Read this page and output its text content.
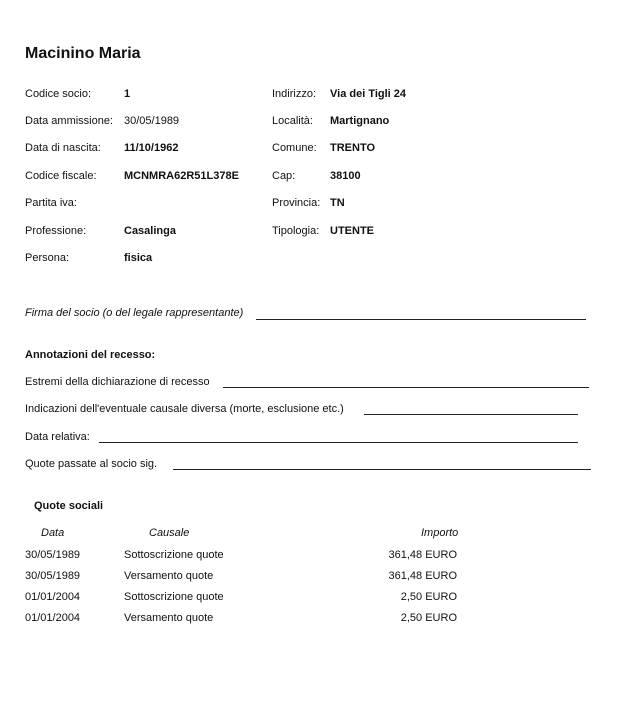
Macinino Maria
Codice socio:	1
Data ammissione: 30/05/1989
Data di nascita: 11/10/1962
Codice fiscale: MCNMRA62R51L378E
Partita iva:
Professione:	Casalinga
Persona:	fisica
Indirizzo: Via dei Tigli 24
Località: Martignano
Comune: TRENTO
Cap:	38100
Provincia: TN
Tipologia: UTENTE
Firma del socio (o del legale rappresentante)
Annotazioni del recesso:
Estremi della dichiarazione di recesso
Indicazioni dell'eventuale causale diversa (morte, esclusione etc.)
Data relativa:
Quote passate al socio sig.
Quote sociali
Data	Causale	Importo
30/05/1989	Sottoscrizione quote	361,48 EURO
30/05/1989	Versamento quote	361,48 EURO
01/01/2004	Sottoscrizione quote	2,50 EURO
01/01/2004	Versamento quote	2,50 EURO
